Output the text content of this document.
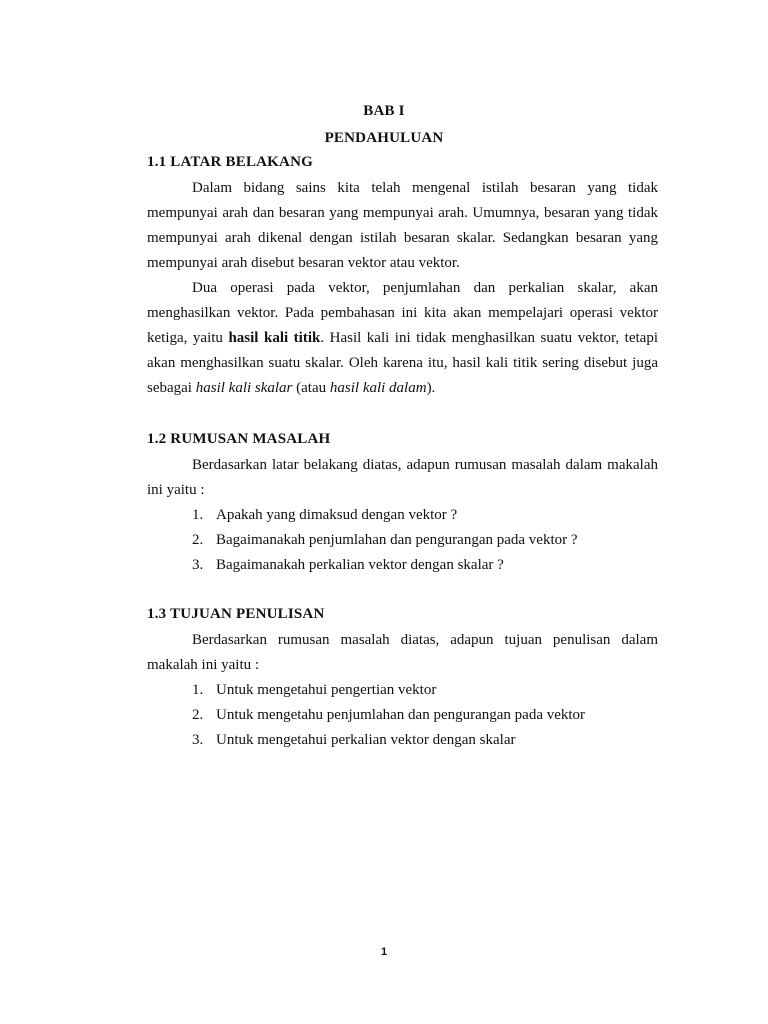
BAB I
PENDAHULUAN
1.1 LATAR BELAKANG

Dalam bidang sains kita telah mengenal istilah besaran yang tidak mempunyai arah dan besaran yang mempunyai arah. Umumnya, besaran yang tidak mempunyai arah dikenal dengan istilah besaran skalar. Sedangkan besaran yang mempunyai arah disebut besaran vektor atau vektor.

Dua operasi pada vektor, penjumlahan dan perkalian skalar, akan menghasilkan vektor. Pada pembahasan ini kita akan mempelajari operasi vektor ketiga, yaitu hasil kali titik. Hasil kali ini tidak menghasilkan suatu vektor, tetapi akan menghasilkan suatu skalar. Oleh karena itu, hasil kali titik sering disebut juga sebagai hasil kali skalar (atau hasil kali dalam).

1.2 RUMUSAN MASALAH

Berdasarkan latar belakang diatas, adapun rumusan masalah dalam makalah ini yaitu :

1. Apakah yang dimaksud dengan vektor ?
2. Bagaimanakah penjumlahan dan pengurangan pada vektor ?
3. Bagaimanakah perkalian vektor dengan skalar ?
1.3 TUJUAN PENULISAN

Berdasarkan rumusan masalah diatas, adapun tujuan penulisan dalam makalah ini yaitu :

1. Untuk mengetahui pengertian vektor
2. Untuk mengetahu penjumlahan dan pengurangan pada vektor
3. Untuk mengetahui perkalian vektor dengan skalar
1
